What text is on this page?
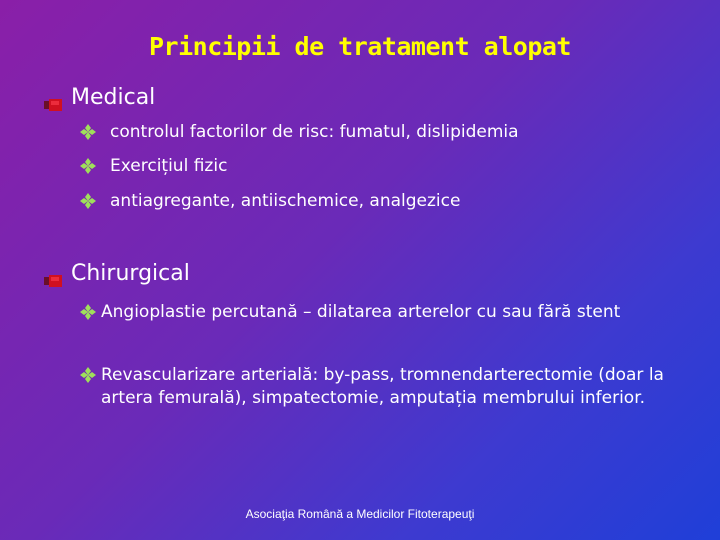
Principii de tratament alopat
Medical
controlul factorilor de risc: fumatul, dislipidemia
Exercițiul fizic
antiagregante, antiischemice, analgezice
Chirurgical
Angioplastie percutană – dilatarea arterelor cu sau fără stent
Revascularizare arterială: by-pass, tromnendarterectomie (doar la artera femurală), simpatectomie, amputația membrului inferior.
Asociaţia Română a Medicilor Fitoterapeuţi
